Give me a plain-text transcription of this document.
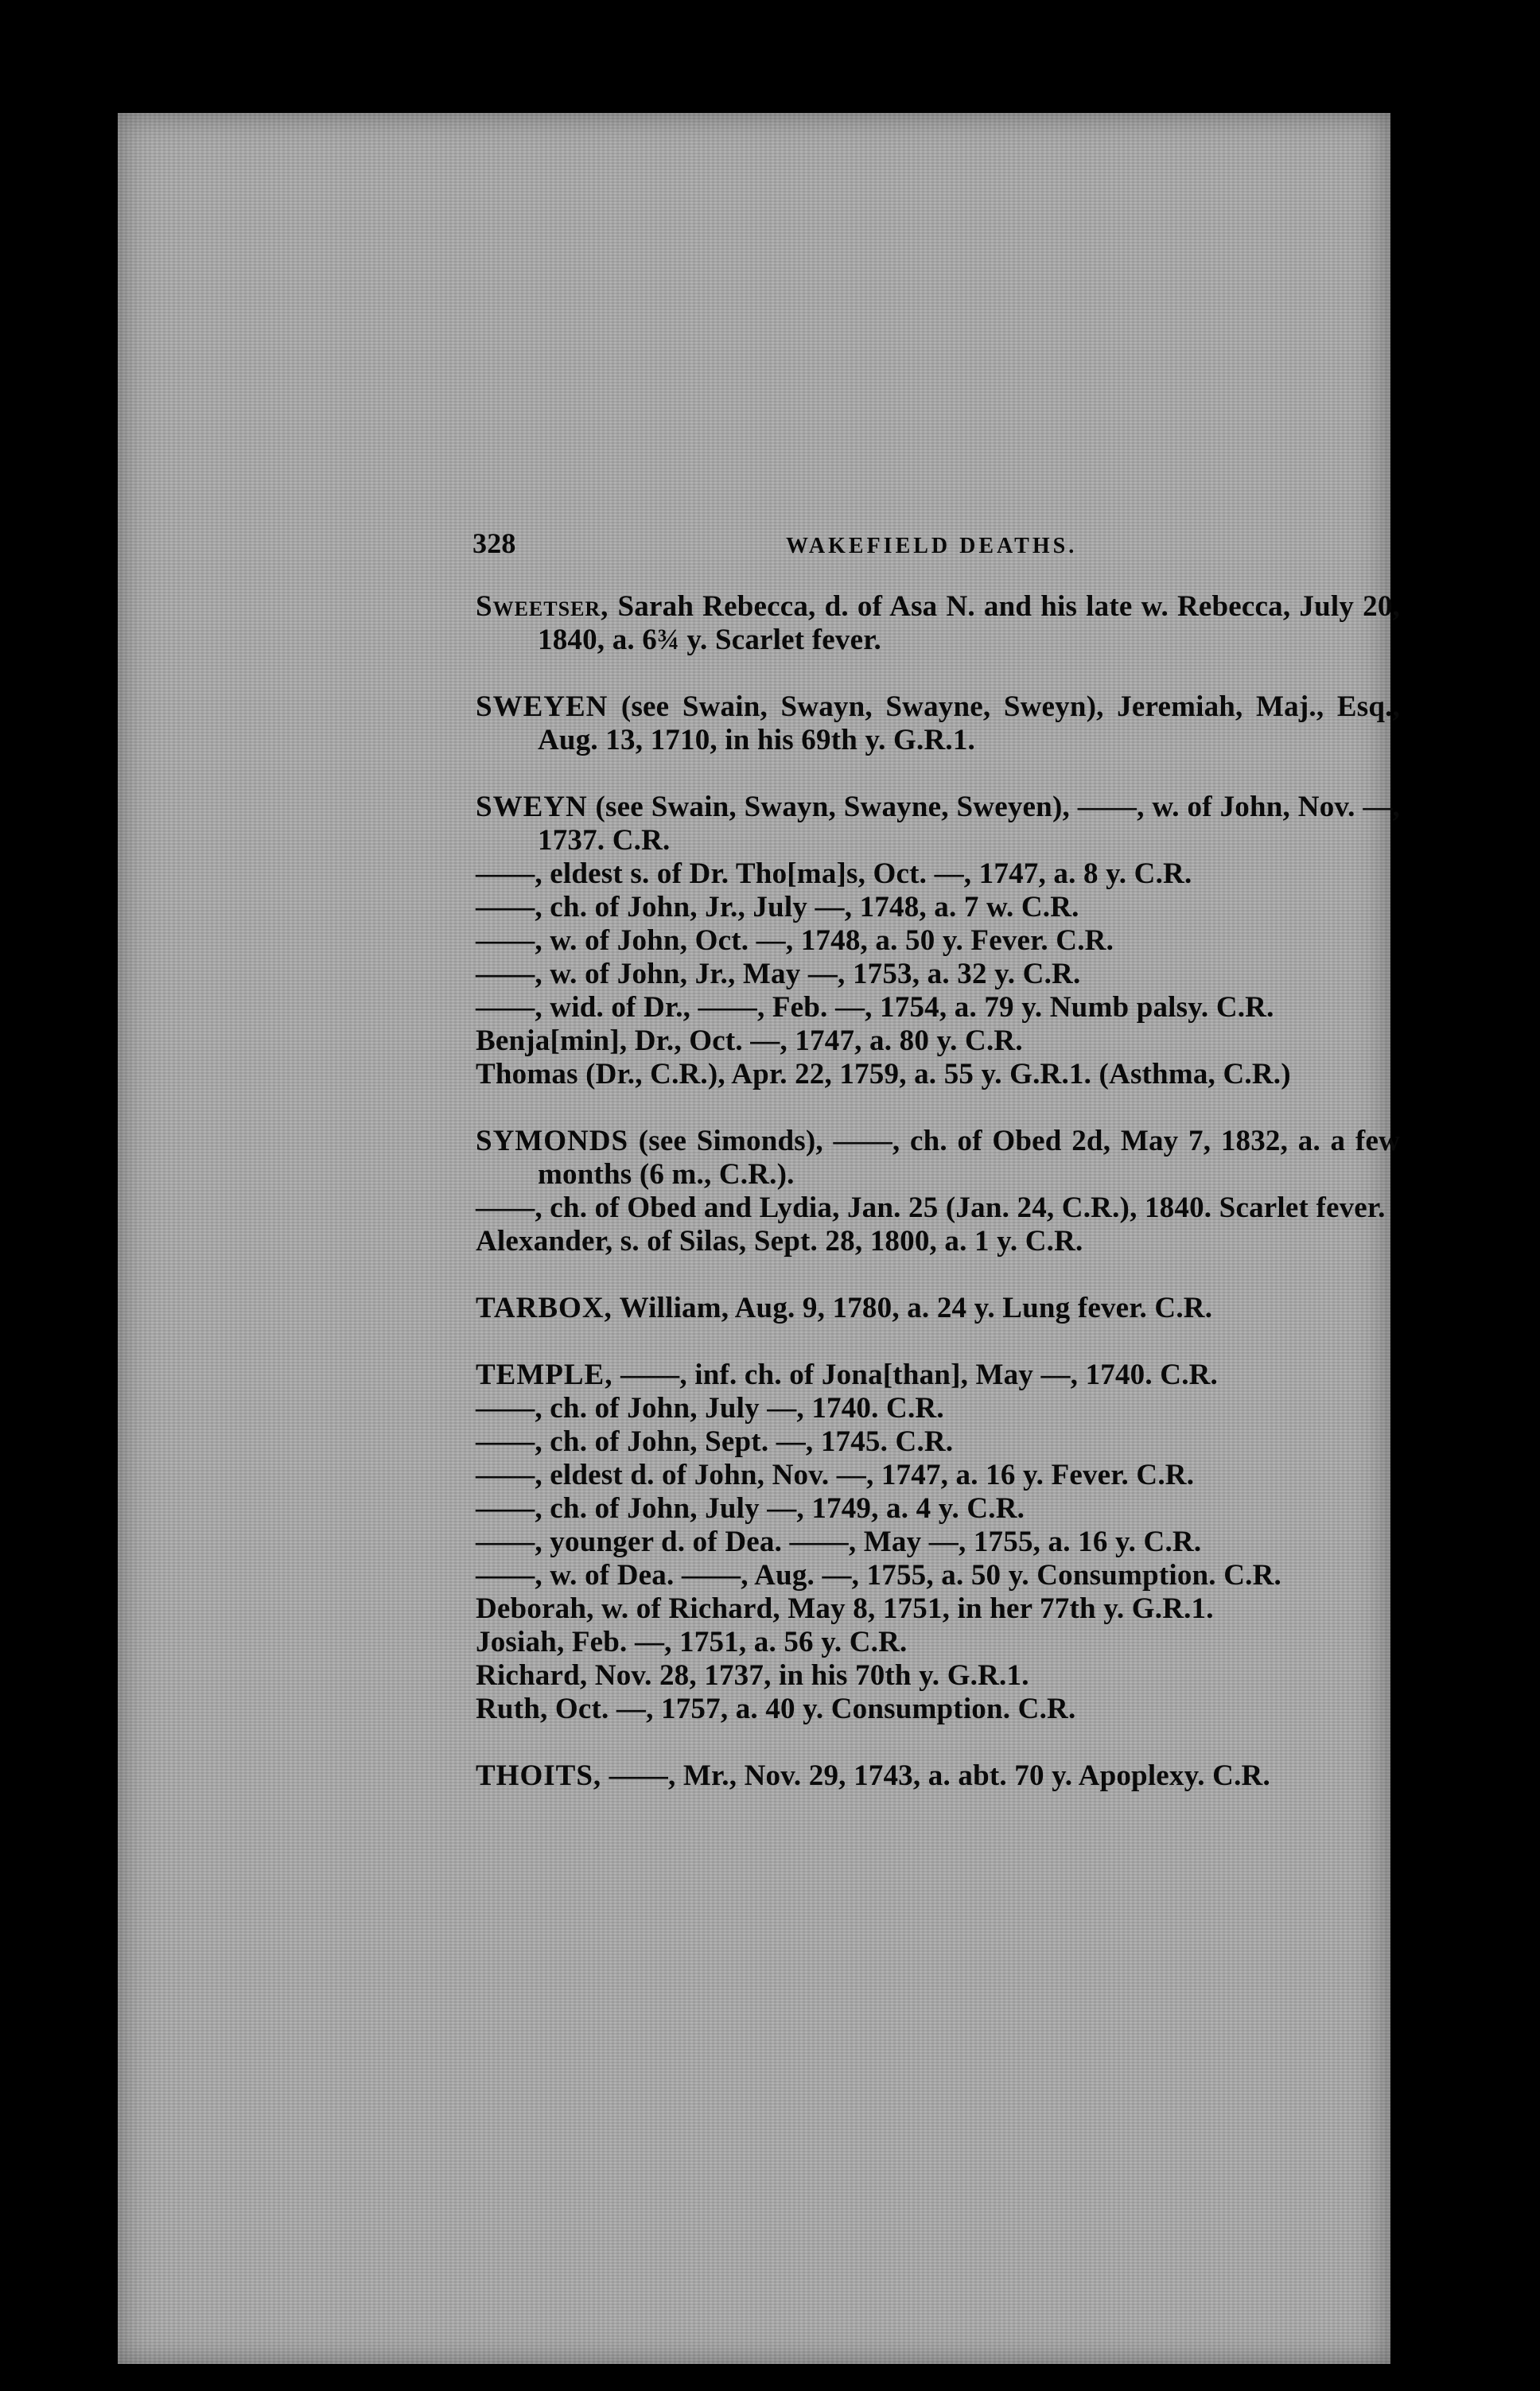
328	WAKEFIELD DEATHS.

Sweetser, Sarah Rebecca, d. of Asa N. and his late w. Rebecca, July 20, 1840, a. 6¾ y. Scarlet fever.

SWEYEN (see Swain, Swayn, Swayne, Sweyn), Jeremiah, Maj., Esq., Aug. 13, 1710, in his 69th y. G.R.1.

SWEYN (see Swain, Swayn, Swayne, Sweyen), ——, w. of John, Nov. —, 1737. C.R.

——, eldest s. of Dr. Tho[ma]s, Oct. —, 1747, a. 8 y. C.R.

——, ch. of John, Jr., July —, 1748, a. 7 w. C.R.

——, w. of John, Oct. —, 1748, a. 50 y. Fever. C.R.

——, w. of John, Jr., May —, 1753, a. 32 y. C.R.

——, wid. of Dr., ——, Feb. —, 1754, a. 79 y. Numb palsy. C.R.

Benja[min], Dr., Oct. —, 1747, a. 80 y. C.R.

Thomas (Dr., C.R.), Apr. 22, 1759, a. 55 y. G.R.1. (Asthma, C.R.)

SYMONDS (see Simonds), ——, ch. of Obed 2d, May 7, 1832, a. a few months (6 m., C.R.).

——, ch. of Obed and Lydia, Jan. 25 (Jan. 24, C.R.), 1840. Scarlet fever.

Alexander, s. of Silas, Sept. 28, 1800, a. 1 y. C.R.

TARBOX, William, Aug. 9, 1780, a. 24 y. Lung fever. C.R.

TEMPLE, ——, inf. ch. of Jona[than], May —, 1740. C.R.

——, ch. of John, July —, 1740. C.R.

——, ch. of John, Sept. —, 1745. C.R.

——, eldest d. of John, Nov. —, 1747, a. 16 y. Fever. C.R.

——, ch. of John, July —, 1749, a. 4 y. C.R.

——, younger d. of Dea. ——, May —, 1755, a. 16 y. C.R.

——, w. of Dea. ——, Aug. —, 1755, a. 50 y. Consumption. C.R.

Deborah, w. of Richard, May 8, 1751, in her 77th y. G.R.1.

Josiah, Feb. —, 1751, a. 56 y. C.R.

Richard, Nov. 28, 1737, in his 70th y. G.R.1.

Ruth, Oct. —, 1757, a. 40 y. Consumption. C.R.

THOITS, ——, Mr., Nov. 29, 1743, a. abt. 70 y. Apoplexy. C.R.
